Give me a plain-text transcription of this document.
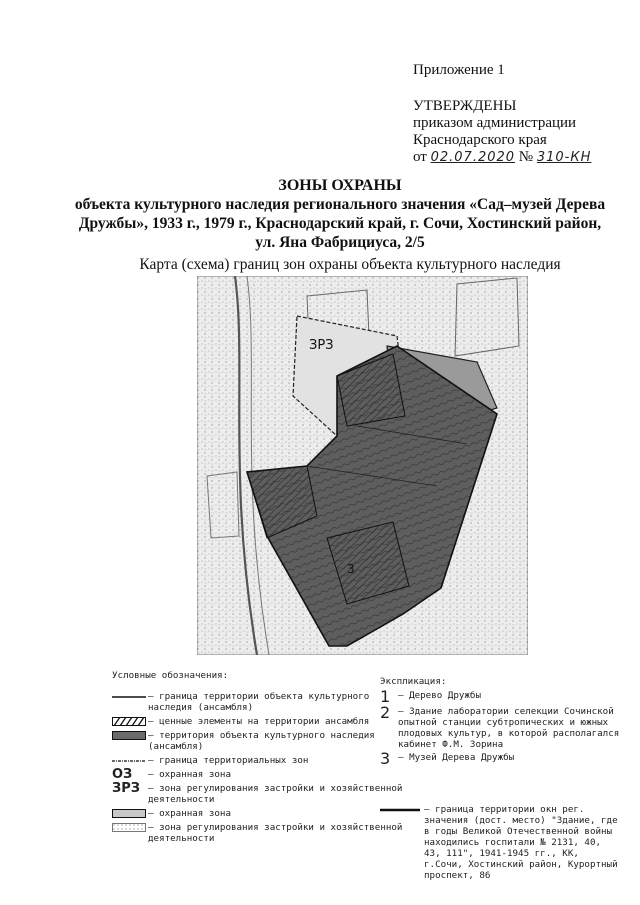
Приложение 1
УТВЕРЖДЕНЫ
приказом администрации
Краснодарского края
от 02.07.2020 № 310-КН
ЗОНЫ ОХРАНЫ
объекта культурного наследия регионального значения «Сад–музей Дерева
Дружбы», 1933 г., 1979 г., Краснодарский край, г. Сочи, Хостинский район,
ул. Яна Фабрициуса, 2/5
Карта (схема) границ зон охраны объекта культурного наследия
ЗРЗ
3
Условные обозначения:
– граница территории объекта культурного наследия (ансамбля)
– ценные элементы на территории ансамбля
– территория объекта культурного наследия (ансамбля)
– граница территориальных зон
ОЗ	– охранная зона
ЗРЗ – зона регулирования застройки и хозяйственной деятельности
– охранная зона
– зона регулирования застройки и хозяйственной деятельности
Экспликация:
1 – Дерево Дружбы
2 – Здание лаборатории селекции Сочинской опытной станции субтропических и южных плодовых культур, в которой располагался кабинет Ф.М. Зорина
3 – Музей Дерева Дружбы
– граница территории окн рег. значения (дост. место) "Здание, где в годы Великой Отечественной войны находились госпитали № 2131, 40, 43, 111", 1941-1945 гг., КК, г.Сочи, Хостинский район, Курортный проспект, 86
